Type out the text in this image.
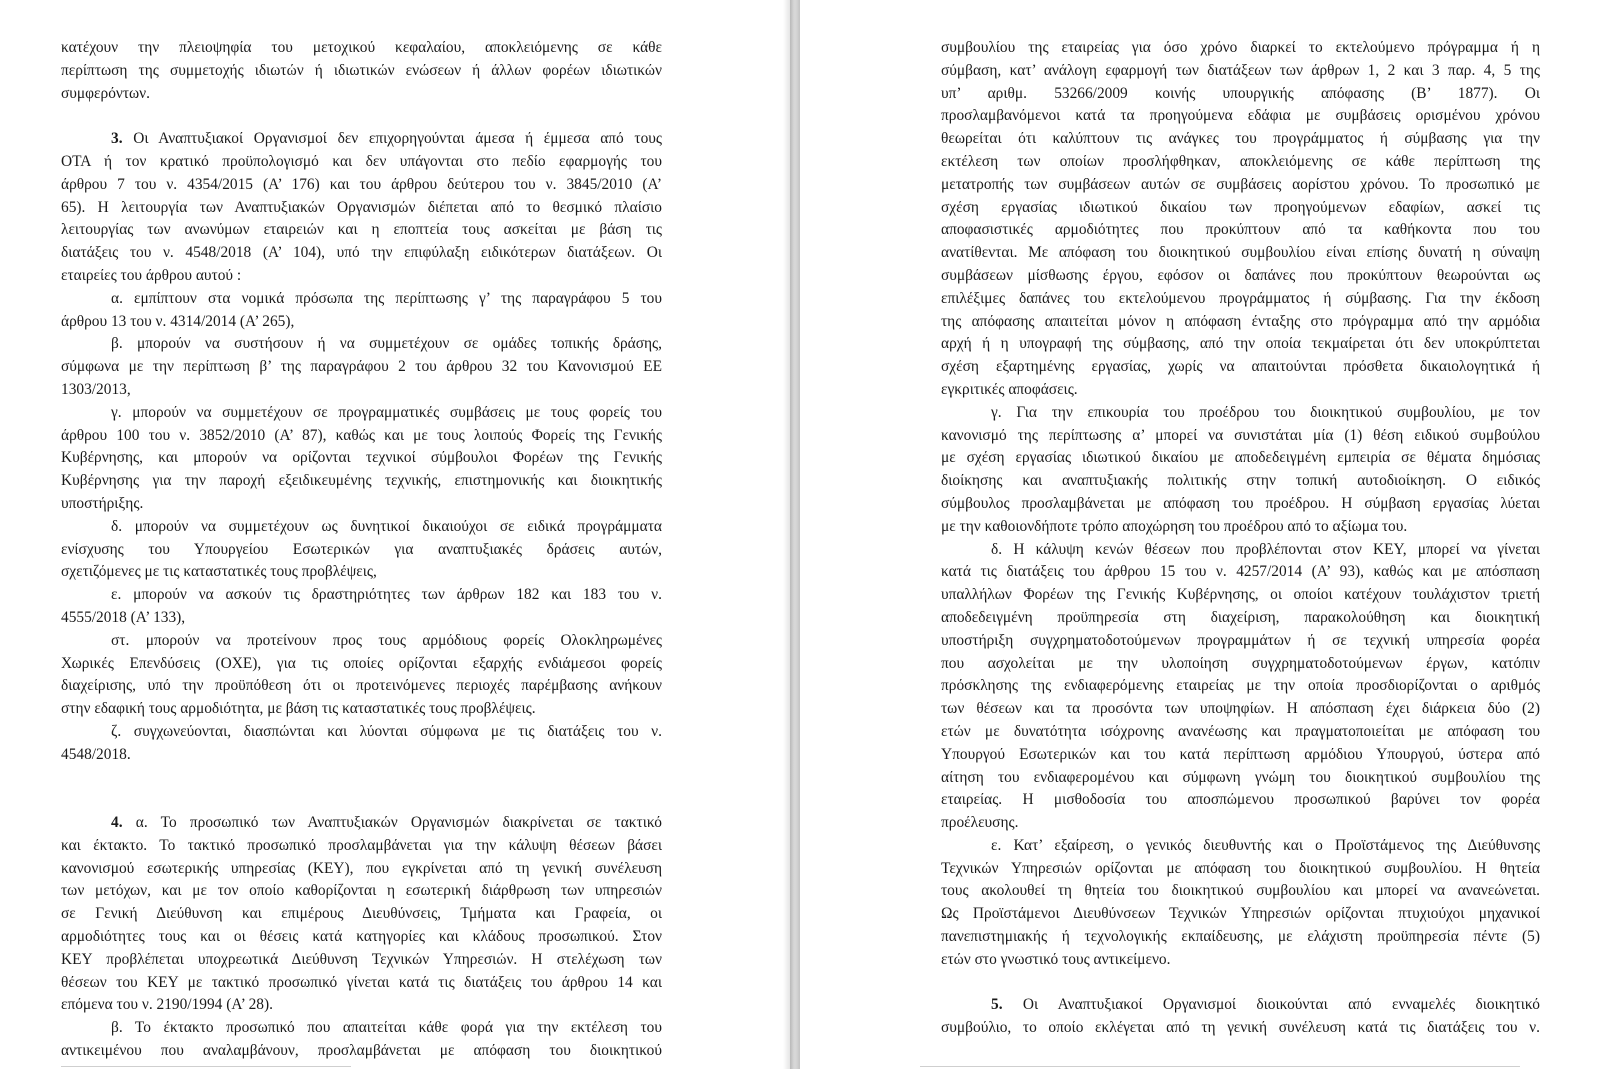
κατέχουν την πλειοψηφία του μετοχικού κεφαλαίου, αποκλειόμενης σε κάθε

περίπτωση της συμμετοχής ιδιωτών ή ιδιωτικών ενώσεων ή άλλων φορέων ιδιωτικών

συμφερόντων.

3. Οι Αναπτυξιακοί Οργανισμοί δεν επιχορηγούνται άμεσα ή έμμεσα από τους

ΟΤΑ ή τον κρατικό προϋπολογισμό και δεν υπάγονται στο πεδίο εφαρμογής του

άρθρου 7 του ν. 4354/2015 (Α’ 176) και του άρθρου δεύτερου του ν. 3845/2010 (Α’

65). Η λειτουργία των Αναπτυξιακών Οργανισμών διέπεται από το θεσμικό πλαίσιο

λειτουργίας των ανωνύμων εταιρειών και η εποπτεία τους ασκείται με βάση τις

διατάξεις του ν. 4548/2018 (Α’ 104), υπό την επιφύλαξη ειδικότερων διατάξεων. Οι

εταιρείες του άρθρου αυτού :

α. εμπίπτουν στα νομικά πρόσωπα της περίπτωσης γ’ της παραγράφου 5 του

άρθρου 13 του ν. 4314/2014 (Α’ 265),

β. μπορούν να συστήσουν ή να συμμετέχουν σε ομάδες τοπικής δράσης,

σύμφωνα με την περίπτωση β’ της παραγράφου 2 του άρθρου 32 του Κανονισμού ΕΕ

1303/2013,

γ. μπορούν να συμμετέχουν σε προγραμματικές συμβάσεις με τους φορείς του

άρθρου 100 του ν. 3852/2010 (Α’ 87), καθώς και με τους λοιπούς Φορείς της Γενικής

Κυβέρνησης, και μπορούν να ορίζονται τεχνικοί σύμβουλοι Φορέων της Γενικής

Κυβέρνησης για την παροχή εξειδικευμένης τεχνικής, επιστημονικής και διοικητικής

υποστήριξης.

δ. μπορούν να συμμετέχουν ως δυνητικοί δικαιούχοι σε ειδικά προγράμματα

ενίσχυσης του Υπουργείου Εσωτερικών για αναπτυξιακές δράσεις αυτών,

σχετιζόμενες με τις καταστατικές τους προβλέψεις,

ε. μπορούν να ασκούν τις δραστηριότητες των άρθρων 182 και 183 του ν.

4555/2018 (Α’ 133),

στ. μπορούν να προτείνουν προς τους αρμόδιους φορείς Ολοκληρωμένες

Χωρικές Επενδύσεις (ΟΧΕ), για τις οποίες ορίζονται εξαρχής ενδιάμεσοι φορείς

διαχείρισης, υπό την προϋπόθεση ότι οι προτεινόμενες περιοχές παρέμβασης ανήκουν

στην εδαφική τους αρμοδιότητα, με βάση τις καταστατικές τους προβλέψεις.

ζ. συγχωνεύονται, διασπώνται και λύονται σύμφωνα με τις διατάξεις του ν.

4548/2018.

4. α. Το προσωπικό των Αναπτυξιακών Οργανισμών διακρίνεται σε τακτικό

και έκτακτο. Το τακτικό προσωπικό προσλαμβάνεται για την κάλυψη θέσεων βάσει

κανονισμού εσωτερικής υπηρεσίας (ΚΕΥ), που εγκρίνεται από τη γενική συνέλευση

των μετόχων, και με τον οποίο καθορίζονται η εσωτερική διάρθρωση των υπηρεσιών

σε Γενική Διεύθυνση και επιμέρους Διευθύνσεις, Τμήματα και Γραφεία, οι

αρμοδιότητες τους και οι θέσεις κατά κατηγορίες και κλάδους προσωπικού. Στον

ΚΕΥ προβλέπεται υποχρεωτικά Διεύθυνση Τεχνικών Υπηρεσιών. Η στελέχωση των

θέσεων του ΚΕΥ με τακτικό προσωπικό γίνεται κατά τις διατάξεις του άρθρου 14 και

επόμενα του ν. 2190/1994 (Α’ 28).

β. Το έκτακτο προσωπικό που απαιτείται κάθε φορά για την εκτέλεση του

αντικειμένου που αναλαμβάνουν, προσλαμβάνεται με απόφαση του διοικητικού

συμβουλίου της εταιρείας για όσο χρόνο διαρκεί το εκτελούμενο πρόγραμμα ή η

σύμβαση, κατ’ ανάλογη εφαρμογή των διατάξεων των άρθρων 1, 2 και 3 παρ. 4, 5 της

υπ’ αριθμ. 53266/2009 κοινής υπουργικής απόφασης (Β’ 1877). Οι

προσλαμβανόμενοι κατά τα προηγούμενα εδάφια με συμβάσεις ορισμένου χρόνου

θεωρείται ότι καλύπτουν τις ανάγκες του προγράμματος ή σύμβασης για την

εκτέλεση των οποίων προσλήφθηκαν, αποκλειόμενης σε κάθε περίπτωση της

μετατροπής των συμβάσεων αυτών σε συμβάσεις αορίστου χρόνου. Το προσωπικό με

σχέση εργασίας ιδιωτικού δικαίου των προηγούμενων εδαφίων, ασκεί τις

αποφασιστικές αρμοδιότητες που προκύπτουν από τα καθήκοντα που του

ανατίθενται. Με απόφαση του διοικητικού συμβουλίου είναι επίσης δυνατή η σύναψη

συμβάσεων μίσθωσης έργου, εφόσον οι δαπάνες που προκύπτουν θεωρούνται ως

επιλέξιμες δαπάνες του εκτελούμενου προγράμματος ή σύμβασης. Για την έκδοση

της απόφασης απαιτείται μόνον η απόφαση ένταξης στο πρόγραμμα από την αρμόδια

αρχή ή η υπογραφή της σύμβασης, από την οποία τεκμαίρεται ότι δεν υποκρύπτεται

σχέση εξαρτημένης εργασίας, χωρίς να απαιτούνται πρόσθετα δικαιολογητικά ή

εγκριτικές αποφάσεις.

γ. Για την επικουρία του προέδρου του διοικητικού συμβουλίου, με τον

κανονισμό της περίπτωσης α’ μπορεί να συνιστάται μία (1) θέση ειδικού συμβούλου

με σχέση εργασίας ιδιωτικού δικαίου με αποδεδειγμένη εμπειρία σε θέματα δημόσιας

διοίκησης και αναπτυξιακής πολιτικής στην τοπική αυτοδιοίκηση. Ο ειδικός

σύμβουλος προσλαμβάνεται με απόφαση του προέδρου. Η σύμβαση εργασίας λύεται

με την καθοιονδήποτε τρόπο αποχώρηση του προέδρου από το αξίωμα του.

δ. Η κάλυψη κενών θέσεων που προβλέπονται στον ΚΕΥ, μπορεί να γίνεται

κατά τις διατάξεις του άρθρου 15 του ν. 4257/2014 (Α’ 93), καθώς και με απόσπαση

υπαλλήλων Φορέων της Γενικής Κυβέρνησης, οι οποίοι κατέχουν τουλάχιστον τριετή

αποδεδειγμένη προϋπηρεσία στη διαχείριση, παρακολούθηση και διοικητική

υποστήριξη συγχρηματοδοτούμενων προγραμμάτων ή σε τεχνική υπηρεσία φορέα

που ασχολείται με την υλοποίηση συγχρηματοδοτούμενων έργων, κατόπιν

πρόσκλησης της ενδιαφερόμενης εταιρείας με την οποία προσδιορίζονται ο αριθμός

των θέσεων και τα προσόντα των υποψηφίων. Η απόσπαση έχει διάρκεια δύο (2)

ετών με δυνατότητα ισόχρονης ανανέωσης και πραγματοποιείται με απόφαση του

Υπουργού Εσωτερικών και του κατά περίπτωση αρμόδιου Υπουργού, ύστερα από

αίτηση του ενδιαφερομένου και σύμφωνη γνώμη του διοικητικού συμβουλίου της

εταιρείας. Η μισθοδοσία του αποσπώμενου προσωπικού βαρύνει τον φορέα

προέλευσης.

ε. Κατ’ εξαίρεση, ο γενικός διευθυντής και ο Προϊστάμενος της Διεύθυνσης

Τεχνικών Υπηρεσιών ορίζονται με απόφαση του διοικητικού συμβουλίου. Η θητεία

τους ακολουθεί τη θητεία του διοικητικού συμβουλίου και μπορεί να ανανεώνεται.

Ως Προϊστάμενοι Διευθύνσεων Τεχνικών Υπηρεσιών ορίζονται πτυχιούχοι μηχανικοί

πανεπιστημιακής ή τεχνολογικής εκπαίδευσης, με ελάχιστη προϋπηρεσία πέντε (5)

ετών στο γνωστικό τους αντικείμενο.

5. Οι Αναπτυξιακοί Οργανισμοί διοικούνται από ενναμελές διοικητικό

συμβούλιο, το οποίο εκλέγεται από τη γενική συνέλευση κατά τις διατάξεις του ν.
